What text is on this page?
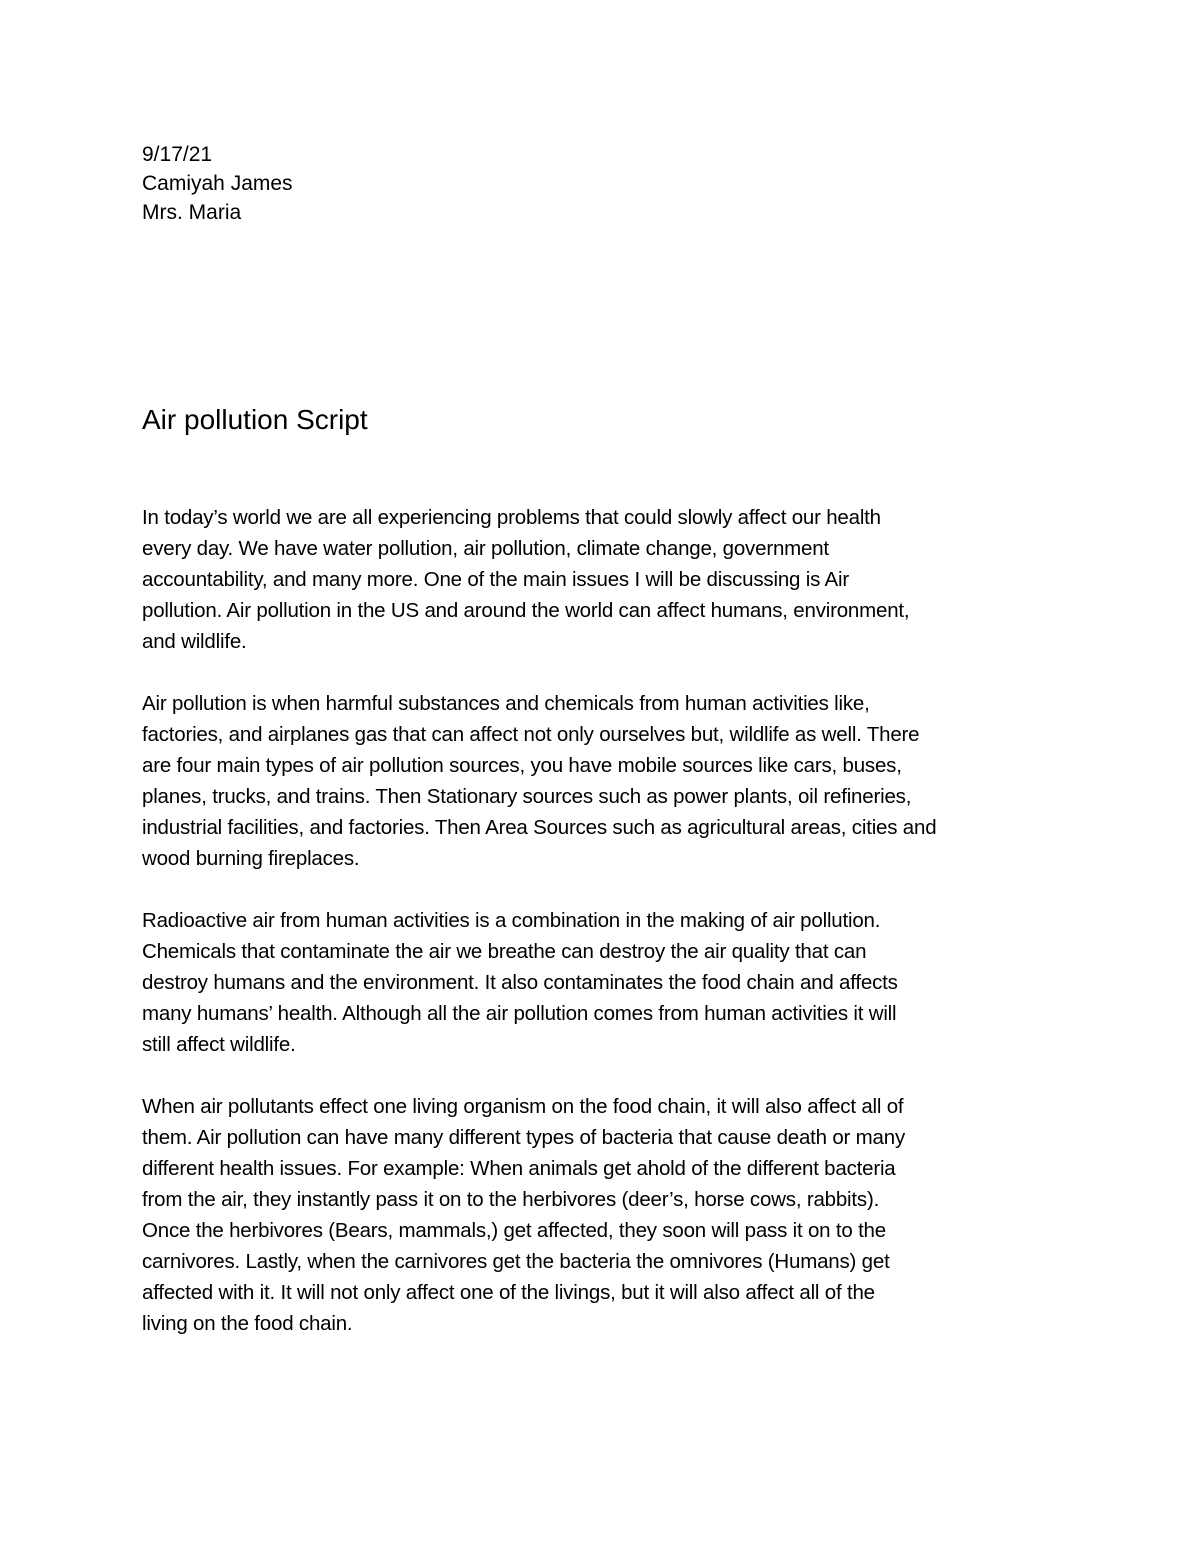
9/17/21
Camiyah James
Mrs. Maria
Air pollution Script
In today’s world we are all experiencing problems that could slowly affect our health
every day. We have water pollution, air pollution, climate change, government
accountability, and many more. One of the main issues I will be discussing is Air
pollution. Air pollution in the US and around the world can affect humans, environment,
and wildlife.
Air pollution is when harmful substances and chemicals from human activities like,
factories, and airplanes gas that can affect not only ourselves but, wildlife as well. There
are four main types of air pollution sources, you have mobile sources like cars, buses,
planes, trucks, and trains. Then Stationary sources such as power plants, oil refineries,
industrial facilities, and factories. Then Area Sources such as agricultural areas, cities and
wood burning fireplaces.
Radioactive air from human activities is a combination in the making of air pollution.
Chemicals that contaminate the air we breathe can destroy the air quality that can
destroy humans and the environment. It also contaminates the food chain and affects
many humans’ health. Although all the air pollution comes from human activities it will
still affect wildlife.
When air pollutants effect one living organism on the food chain, it will also affect all of
them. Air pollution can have many different types of bacteria that cause death or many
different health issues. For example: When animals get ahold of the different bacteria
from the air, they instantly pass it on to the herbivores (deer’s, horse cows, rabbits).
Once the herbivores (Bears, mammals,) get affected, they soon will pass it on to the
carnivores. Lastly, when the carnivores get the bacteria the omnivores (Humans) get
affected with it. It will not only affect one of the livings, but it will also affect all of the
living on the food chain.
